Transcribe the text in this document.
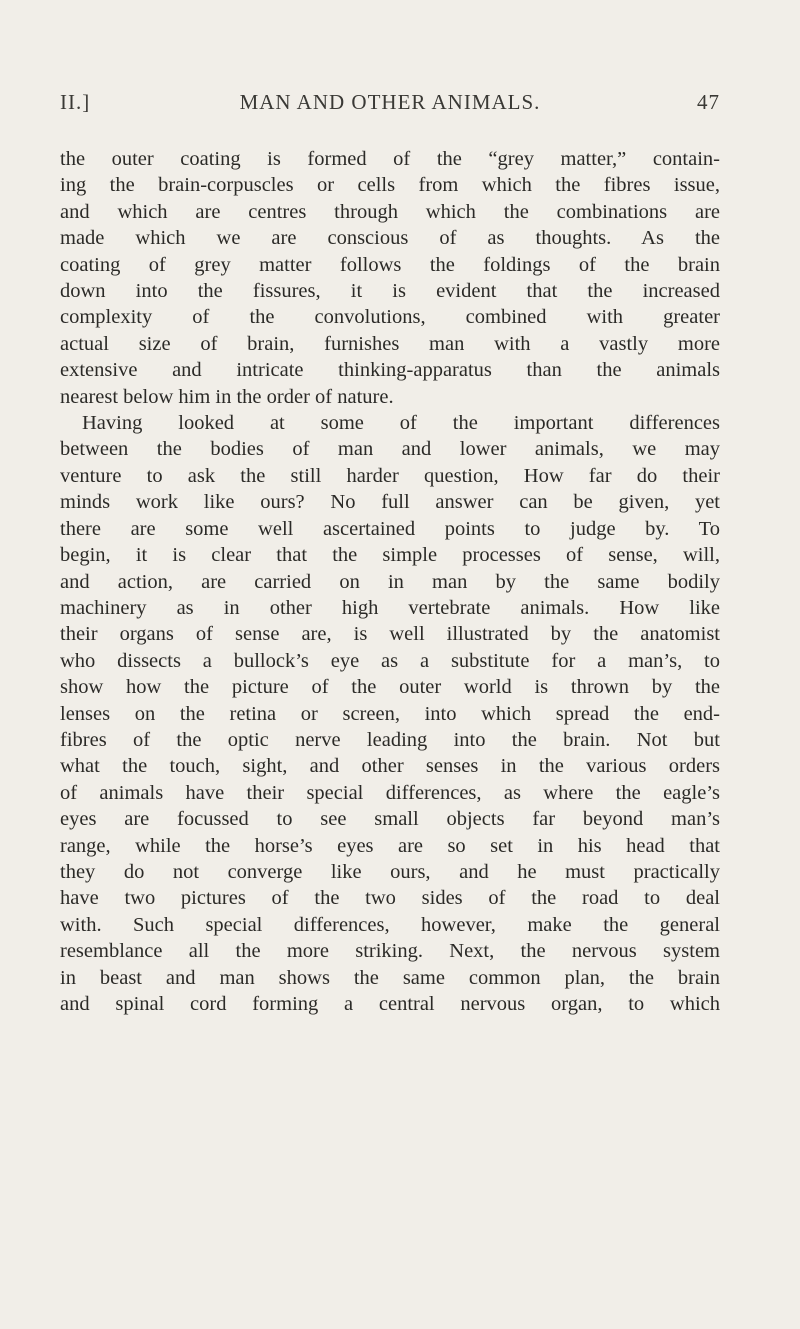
II.]	MAN AND OTHER ANIMALS.	47
the outer coating is formed of the “grey matter,” contain-
ing the brain-corpuscles or cells from which the fibres issue,
and which are centres through which the combinations are
made which we are conscious of as thoughts. As the
coating of grey matter follows the foldings of the brain
down into the fissures, it is evident that the increased
complexity of the convolutions, combined with greater
actual size of brain, furnishes man with a vastly more
extensive and intricate thinking-apparatus than the animals
nearest below him in the order of nature.
Having looked at some of the important differences
between the bodies of man and lower animals, we may
venture to ask the still harder question, How far do their
minds work like ours? No full answer can be given, yet
there are some well ascertained points to judge by. To
begin, it is clear that the simple processes of sense, will,
and action, are carried on in man by the same bodily
machinery as in other high vertebrate animals. How like
their organs of sense are, is well illustrated by the anatomist
who dissects a bullock’s eye as a substitute for a man’s, to
show how the picture of the outer world is thrown by the
lenses on the retina or screen, into which spread the end-
fibres of the optic nerve leading into the brain. Not but
what the touch, sight, and other senses in the various orders
of animals have their special differences, as where the eagle’s
eyes are focussed to see small objects far beyond man’s
range, while the horse’s eyes are so set in his head that
they do not converge like ours, and he must practically
have two pictures of the two sides of the road to deal
with. Such special differences, however, make the general
resemblance all the more striking. Next, the nervous system
in beast and man shows the same common plan, the brain
and spinal cord forming a central nervous organ, to which
